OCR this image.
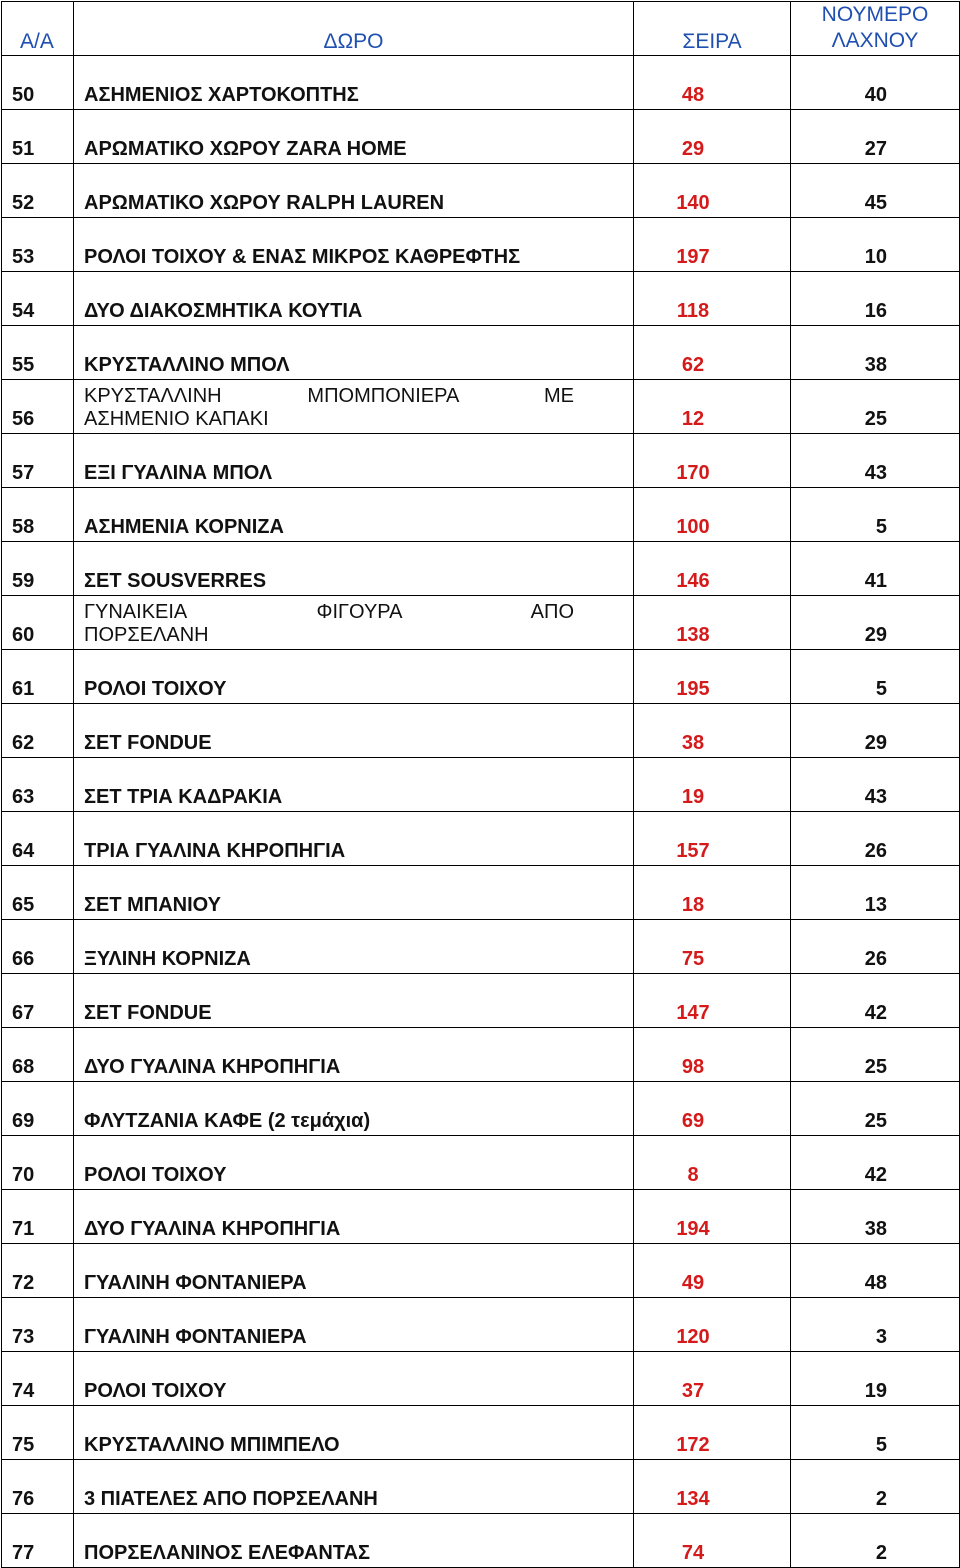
Α/Α	ΔΩΡΟ	ΣΕΙΡΑ	ΝΟΥΜΕΡΟ
ΛΑΧΝΟΥ

50	ΑΣΗΜΕΝΙΟΣ ΧΑΡΤΟΚΟΠΤΗΣ	48	40
51	ΑΡΩΜΑΤΙΚΟ ΧΩΡΟΥ ZARA HOME	29	27
52	ΑΡΩΜΑΤΙΚΟ ΧΩΡΟΥ RALPH LAUREN	140	45
53	ΡΟΛΟΙ ΤΟΙΧΟΥ & ΕΝΑΣ ΜΙΚΡΟΣ ΚΑΘΡΕΦΤΗΣ	197	10
54	ΔΥΟ ΔΙΑΚΟΣΜΗΤΙΚΑ ΚΟΥΤΙΑ	118	16
55	ΚΡΥΣΤΑΛΛΙΝΟ ΜΠΟΛ	62	38
56	ΚΡΥΣΤΑΛΛΙΝΗ ΜΠΟΜΠΟΝΙΕΡΑ ΜΕ
ΑΣΗΜΕΝΙΟ ΚΑΠΑΚΙ	12	25
57	ΕΞΙ ΓΥΑΛΙΝΑ ΜΠΟΛ	170	43
58	ΑΣΗΜΕΝΙΑ ΚΟΡΝΙΖΑ	100	5
59	ΣΕΤ SOUSVERRES	146	41
60	ΓΥΝΑΙΚΕΙΑ ΦΙΓΟΥΡΑ ΑΠΟ
ΠΟΡΣΕΛΑΝΗ	138	29
61	ΡΟΛΟΙ ΤΟΙΧΟΥ	195	5
62	ΣΕΤ FONDUE	38	29
63	ΣΕΤ ΤΡΙΑ ΚΑΔΡΑΚΙΑ	19	43
64	ΤΡΙΑ ΓΥΑΛΙΝΑ ΚΗΡΟΠΗΓΙΑ	157	26
65	ΣΕΤ ΜΠΑΝΙΟΥ	18	13
66	ΞΥΛΙΝΗ ΚΟΡΝΙΖΑ	75	26
67	ΣΕΤ FONDUE	147	42
68	ΔΥΟ ΓΥΑΛΙΝΑ ΚΗΡΟΠΗΓΙΑ	98	25
69	ΦΛΥΤΖΑΝΙΑ ΚΑΦΕ (2 τεμάχια)	69	25
70	ΡΟΛΟΙ ΤΟΙΧΟΥ	8	42
71	ΔΥΟ ΓΥΑΛΙΝΑ ΚΗΡΟΠΗΓΙΑ	194	38
72	ΓΥΑΛΙΝΗ ΦΟΝΤΑΝΙΕΡΑ	49	48
73	ΓΥΑΛΙΝΗ ΦΟΝΤΑΝΙΕΡΑ	120	3
74	ΡΟΛΟΙ ΤΟΙΧΟΥ	37	19
75	ΚΡΥΣΤΑΛΛΙΝΟ ΜΠΙΜΠΕΛΟ	172	5
76	3 ΠΙΑΤΕΛΕΣ ΑΠΟ ΠΟΡΣΕΛΑΝΗ	134	2
77	ΠΟΡΣΕΛΑΝΙΝΟΣ ΕΛΕΦΑΝΤΑΣ	74	2
